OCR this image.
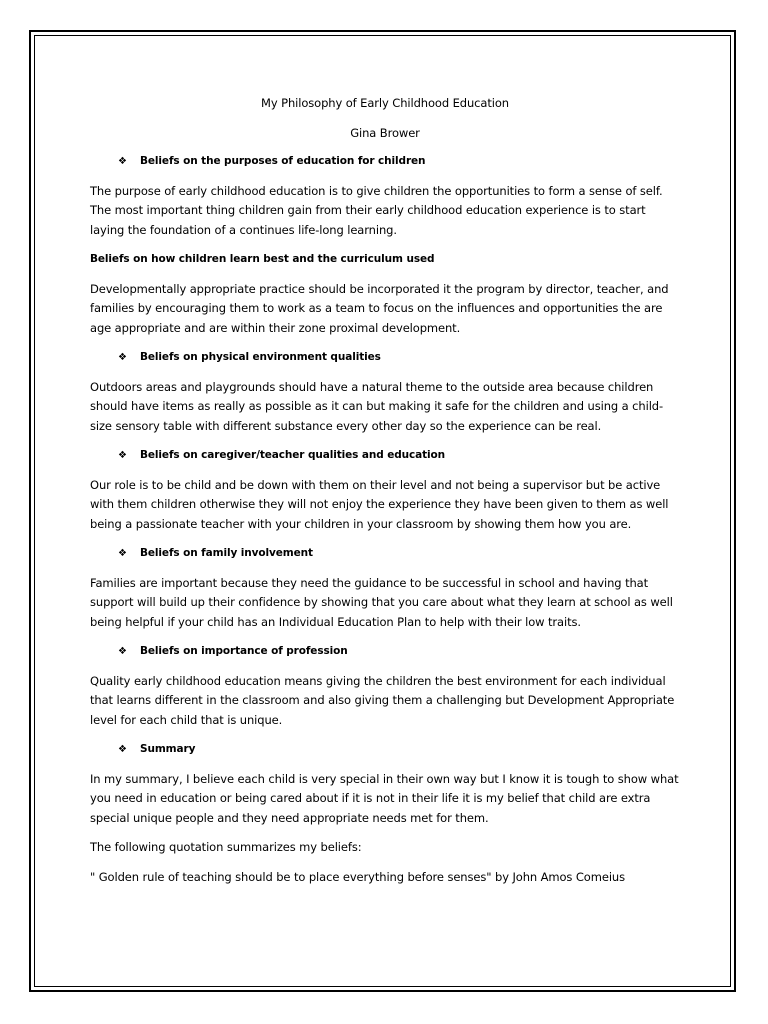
My Philosophy of Early Childhood Education

Gina Brower

❖ Beliefs on the purposes of education for children

The purpose of early childhood education is to give children the opportunities to form a sense of self. The most important thing children gain from their early childhood education experience is to start laying the foundation of a continues life-long learning.

Beliefs on how children learn best and the curriculum used

Developmentally appropriate practice should be incorporated it the program by director, teacher, and families by encouraging them to work as a team to focus on the influences and opportunities the are age appropriate and are within their zone proximal development.

❖ Beliefs on physical environment qualities

Outdoors areas and playgrounds should have a natural theme to the outside area because children should have items as really as possible as it can but making it safe for the children and using a child-size sensory table with different substance every other day so the experience can be real.

❖ Beliefs on caregiver/teacher qualities and education

Our role is to be child and be down with them on their level and not being a supervisor but be active with them children otherwise they will not enjoy the experience they have been given to them as well being a passionate teacher with your children in your classroom by showing them how you are.

❖ Beliefs on family involvement

Families are important because they need the guidance to be successful in school and having that support will build up their confidence by showing that you care about what they learn at school as well being helpful if your child has an Individual Education Plan to help with their low traits.

❖ Beliefs on importance of profession

Quality early childhood education means giving the children the best environment for each individual that learns different in the classroom and also giving them a challenging but Development Appropriate level for each child that is unique.

❖ Summary

In my summary, I believe each child is very special in their own way but I know it is tough to show what you need in education or being cared about if it is not in their life it is my belief that child are extra special unique people and they need appropriate needs met for them.

The following quotation summarizes my beliefs:

" Golden rule of teaching should be to place everything before senses" by John Amos Comeius
